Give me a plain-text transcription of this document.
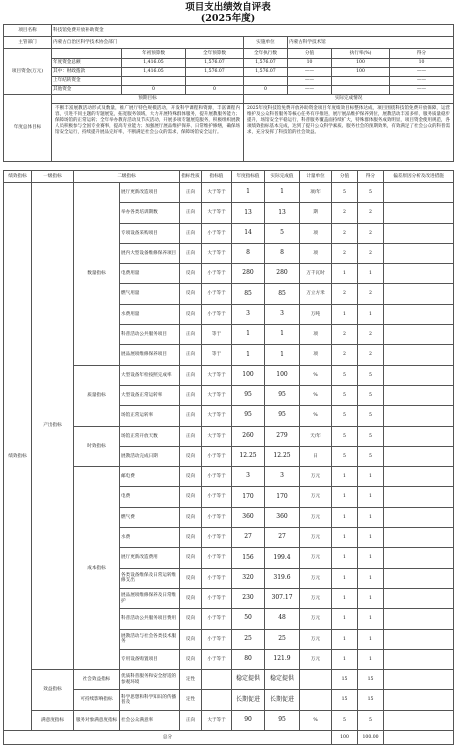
项目支出绩效自评表
(2025年度)
项目名称	科技馆免费开放补助资金						
主管部门	内蒙古自治区科学技术协会部门			实施单位	内蒙古科学技术馆		
项目资金(万元)		年初预算数	全年预算数	全年执行数	分值	执行率(%)	得分
	年度资金总额	1,416.05	1,576.07	1,576.07	10	100	10
	其中：财政拨款	1,416.05	1,576.07	1,576.07	——	100	——
	上年结转资金				——		——
	其他资金	0	0	0	——		——
年度总体目标	预期目标			实际完成情况			
	不断丰富展教活动形式及数量，推广展厅特色规模活动，开发科学课程和资源，丰富课程内容，引进不同主题的专题展览，拓宽服务领域，大力开展特殊群体服务，提升展教服务能力；保障场馆的正常运转；全年举办教育活动及节庆活动，开展多项专题展览服务，积极组织展教人员积极参与全国专业赛事，提高专业能力；加强展厅展品维护保养、日常维护修缮，确保场馆安全运行，持续提升展品完好率，不断满足社会公众的需求，保障场馆安全运行。			2025年度科技馆免费开放补助资金项目年度绩效目标整体达成，项目围绕科技馆免费开放保障，运营维护及公众科普服务等核心任务有序推进，展厅展品维护保养到位，展教活动丰富多样，服务质量稳步提升，场馆安全平稳运行，科普服务覆盖面持续扩大，特殊群体服务成效明显，项目资金使用规范，各项绩效指标基本完成，达到了提升公众科学素质、服务社会的预期效果，有效满足了社会公众的科普需求，充分发挥了科技馆的社会效益。			
绩效指标	一级指标	二级指标		指标性质	指标值	年度指标值	实际完成值	计量单位	分值	得分	偏差原因分析及改进措施
绩效指标	产出指标	数量指标	展厅更新改造项目	正向	大于等于	1	1	项/年	5	5	
			举办各类培训期数	正向	大于等于	13	13	期	2	2	
			专项设备采购项目	正向	小于等于	14	5	项	2	2	
			展内大型设备维修保养项目	正向	大于等于	8	8	项	2	2	
			电费用量	反向	小于等于	280	280	万千瓦时	1	1	
			燃气用量	反向	小于等于	85	85	万立方米	2	2	
			水费用量	反向	小于等于	3	3	万吨	1	1	
			科普活动公共服务项目	正向	等于	1	1	项	2	2	
			展品展项维修保养项目	正向	等于	1	1	项	2	2	
		质量指标	大型设备年检按照完成率	正向	大于等于	100	100	%	5	5	
			大型设备正常运转率	正向	大于等于	95	95	%	5	5	
			场馆正常运转率	正向	大于等于	95	95	%	5	5	
		时效指标	场馆正常开放天数	正向	大于等于	260	279	天/年	5	5	
			展教活动完成日期	反向	小于等于	12.25	12.25	日	5	5	
		成本指标	邮电费	反向	小于等于	3	3	万元	1	1	
			电费	反向	小于等于	170	170	万元	1	1	
			燃气费	反向	小于等于	360	360	万元	1	1	
			水费	反向	小于等于	27	27	万元	1	1	
			展厅更新改造费用	反向	小于等于	156	199.4	万元	1	1	
			各类设备维保及日常运转维修支出	反向	小于等于	320	319.6	万元	1	1	
			展品展项维修保养及日常维护	反向	小于等于	230	307.17	万元	1	1	
			科普活动公共服务项目费用	反向	小于等于	50	48	万元	1	1	
			展教活动与社会各类技术服务	反向	小于等于	25	25	万元	1	1	
			专用设备购置项目	反向	小于等于	80	121.9	万元	1	1	
	效益指标	社会效益指标	优质科普服务和安全舒适的参观环境	定性		稳定提供	稳定提供		15	15	
		可持续影响指标	科学思想和科学知识的传播普及	定性		长期促进	长期促进		15	15	
	满意度指标	服务对象满意度指标	社会公众满意率	正向	大于等于	90	95	%	5	5	
总分									100	100.00	
